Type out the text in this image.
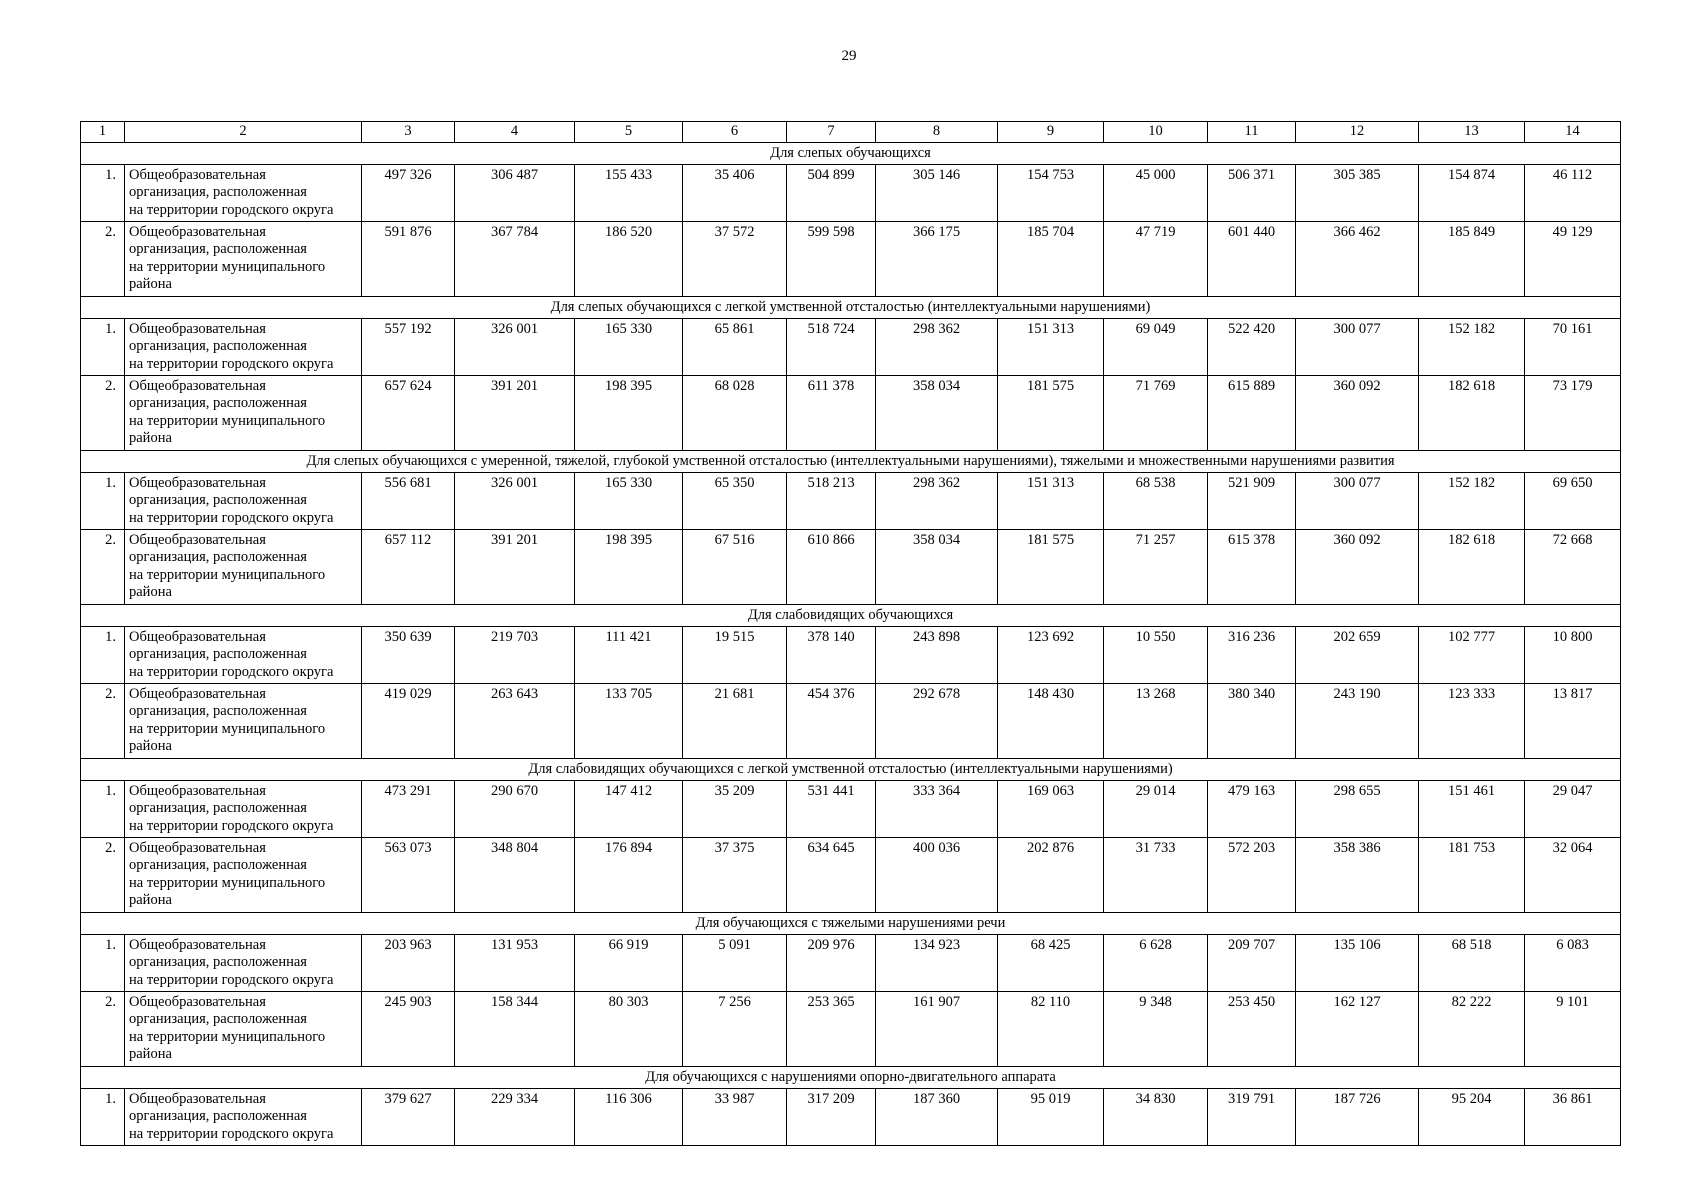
29
1	2	3	4	5	6	7	8	9	10	11	12	13	14
Для слепых обучающихся													
1.	Общеобразовательная
организация, расположенная
на территории городского округа	497 326	306 487	155 433	35 406	504 899	305 146	154 753	45 000	506 371	305 385	154 874	46 112
2.	Общеобразовательная
организация, расположенная
на территории муниципального
района	591 876	367 784	186 520	37 572	599 598	366 175	185 704	47 719	601 440	366 462	185 849	49 129
Для слепых обучающихся с легкой умственной отсталостью (интеллектуальными нарушениями)													
1.	Общеобразовательная
организация, расположенная
на территории городского округа	557 192	326 001	165 330	65 861	518 724	298 362	151 313	69 049	522 420	300 077	152 182	70 161
2.	Общеобразовательная
организация, расположенная
на территории муниципального
района	657 624	391 201	198 395	68 028	611 378	358 034	181 575	71 769	615 889	360 092	182 618	73 179
Для слепых обучающихся с умеренной, тяжелой, глубокой умственной отсталостью (интеллектуальными нарушениями), тяжелыми и множественными нарушениями развития													
1.	Общеобразовательная
организация, расположенная
на территории городского округа	556 681	326 001	165 330	65 350	518 213	298 362	151 313	68 538	521 909	300 077	152 182	69 650
2.	Общеобразовательная
организация, расположенная
на территории муниципального
района	657 112	391 201	198 395	67 516	610 866	358 034	181 575	71 257	615 378	360 092	182 618	72 668
Для слабовидящих обучающихся													
1.	Общеобразовательная
организация, расположенная
на территории городского округа	350 639	219 703	111 421	19 515	378 140	243 898	123 692	10 550	316 236	202 659	102 777	10 800
2.	Общеобразовательная
организация, расположенная
на территории муниципального
района	419 029	263 643	133 705	21 681	454 376	292 678	148 430	13 268	380 340	243 190	123 333	13 817
Для слабовидящих обучающихся с легкой умственной отсталостью (интеллектуальными нарушениями)													
1.	Общеобразовательная
организация, расположенная
на территории городского округа	473 291	290 670	147 412	35 209	531 441	333 364	169 063	29 014	479 163	298 655	151 461	29 047
2.	Общеобразовательная
организация, расположенная
на территории муниципального
района	563 073	348 804	176 894	37 375	634 645	400 036	202 876	31 733	572 203	358 386	181 753	32 064
Для обучающихся с тяжелыми нарушениями речи													
1.	Общеобразовательная
организация, расположенная
на территории городского округа	203 963	131 953	66 919	5 091	209 976	134 923	68 425	6 628	209 707	135 106	68 518	6 083
2.	Общеобразовательная
организация, расположенная
на территории муниципального
района	245 903	158 344	80 303	7 256	253 365	161 907	82 110	9 348	253 450	162 127	82 222	9 101
Для обучающихся с нарушениями опорно-двигательного аппарата													
1.	Общеобразовательная
организация, расположенная
на территории городского округа	379 627	229 334	116 306	33 987	317 209	187 360	95 019	34 830	319 791	187 726	95 204	36 861
